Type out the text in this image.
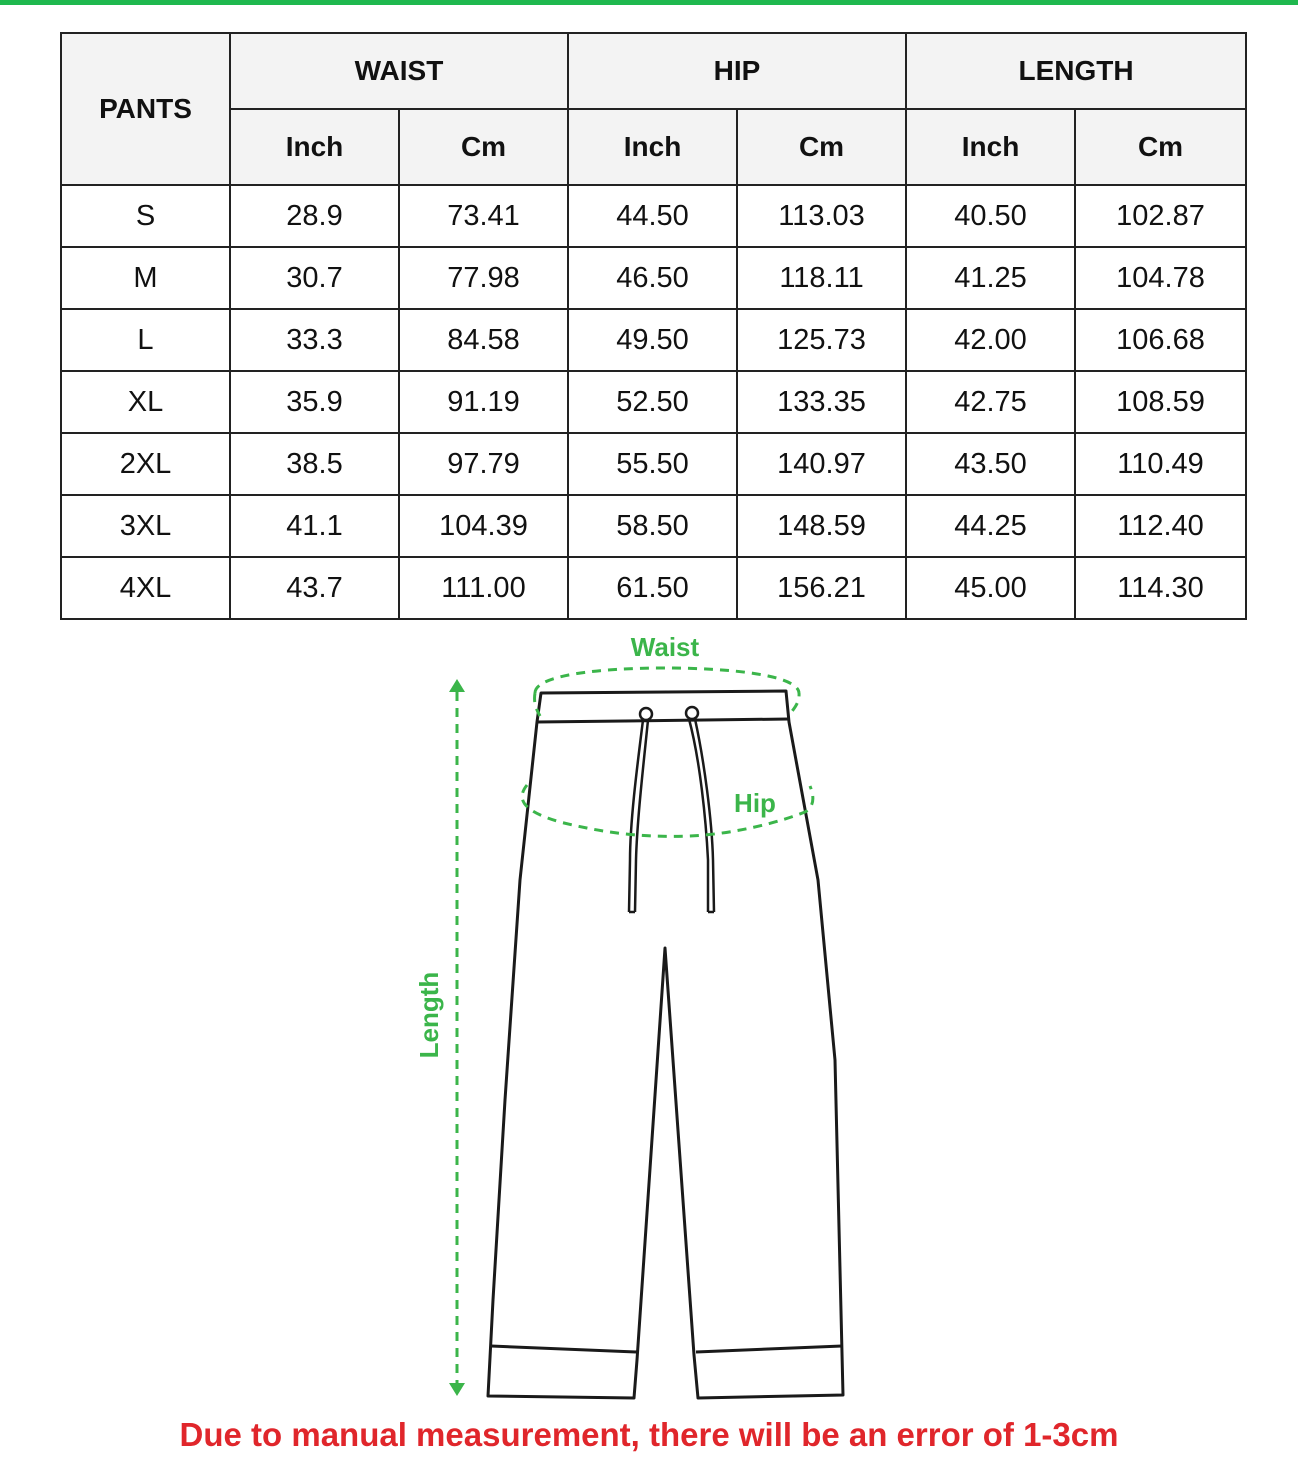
PANTS	WAIST		HIP		LENGTH	
	Inch	Cm	Inch	Cm	Inch	Cm
S	28.9	73.41	44.50	113.03	40.50	102.87
M	30.7	77.98	46.50	118.11	41.25	104.78
L	33.3	84.58	49.50	125.73	42.00	106.68
XL	35.9	91.19	52.50	133.35	42.75	108.59
2XL	38.5	97.79	55.50	140.97	43.50	110.49
3XL	41.1	104.39	58.50	148.59	44.25	112.40
4XL	43.7	111.00	61.50	156.21	45.00	114.30
Waist
Hip
Length
Due to manual measurement, there will be an error of 1-3cm
